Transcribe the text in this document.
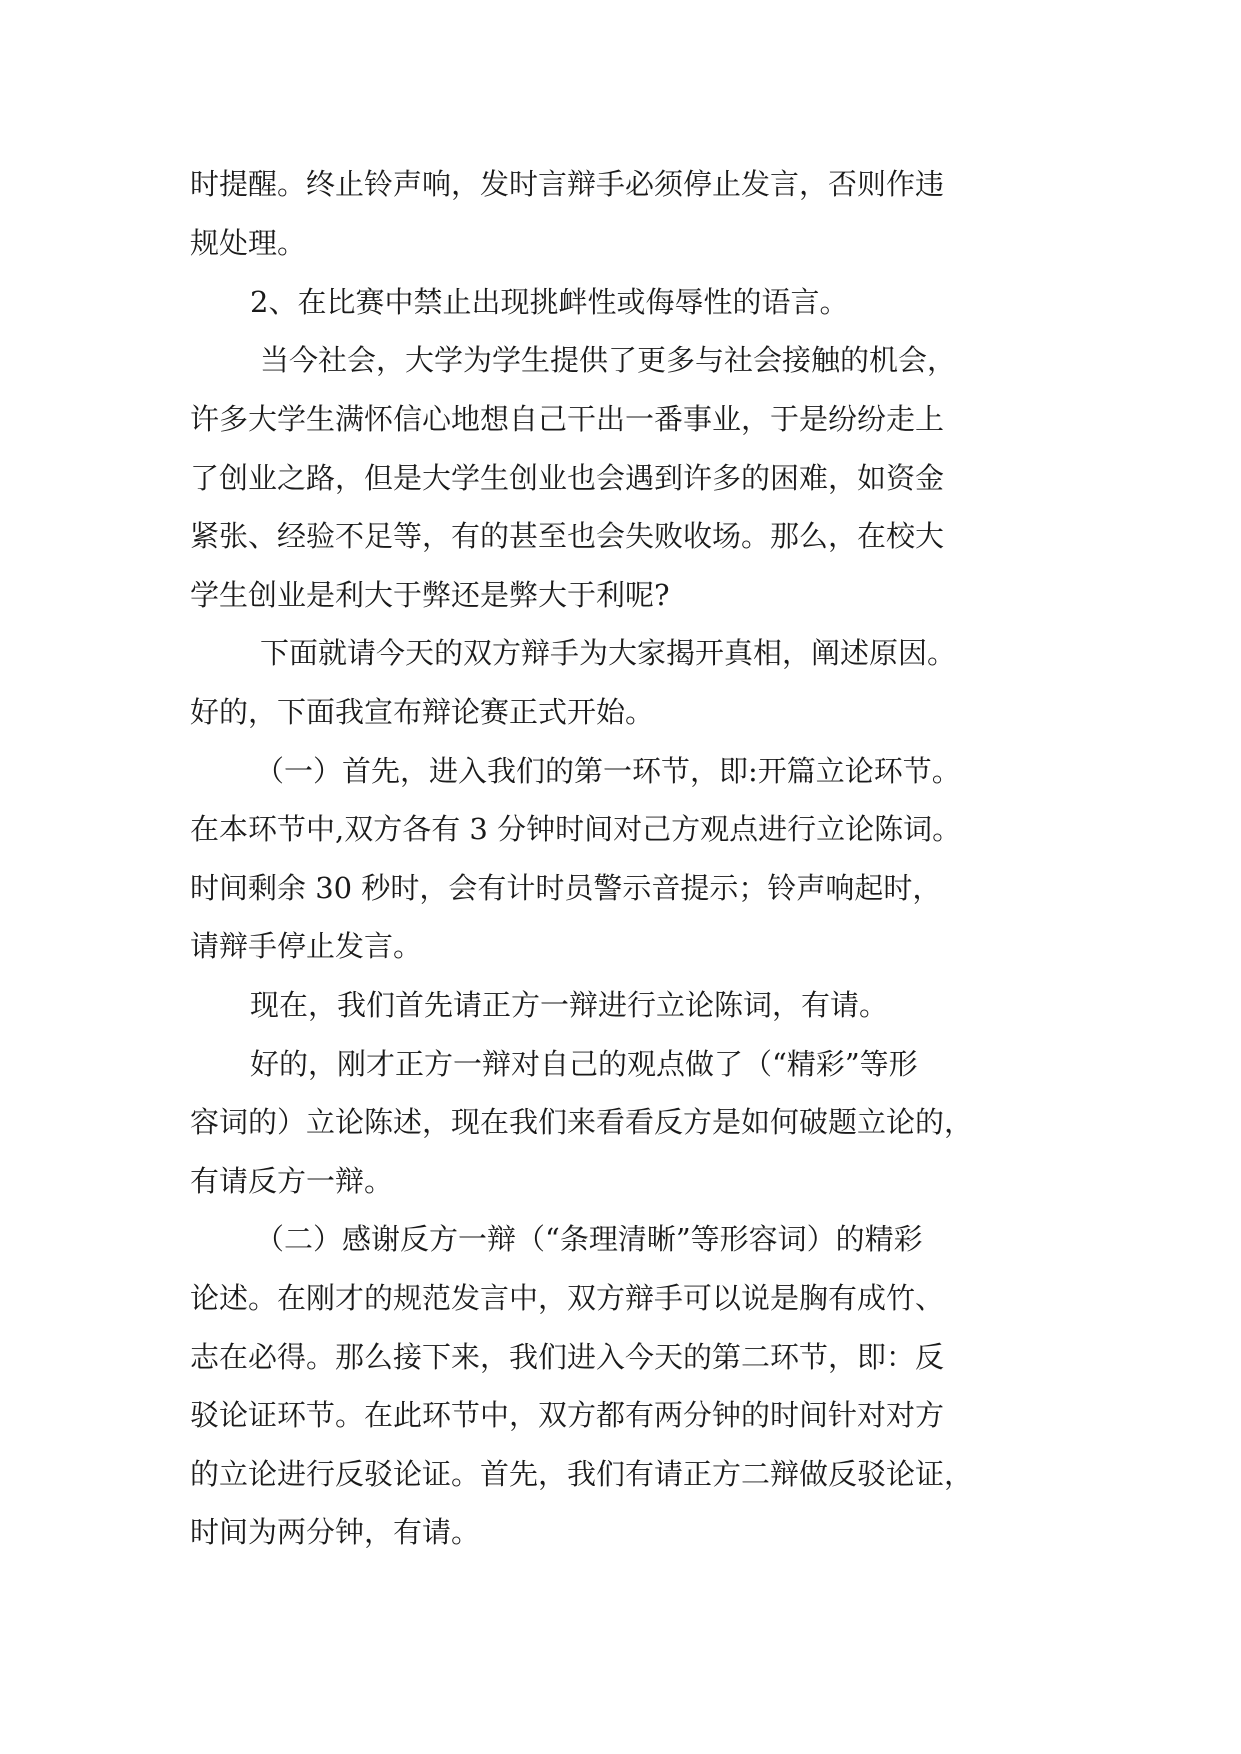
时提醒。终止铃声响，发时言辩手必须停止发言，否则作违
规处理。
2、在比赛中禁止出现挑衅性或侮辱性的语言。
当今社会，大学为学生提供了更多与社会接触的机会，
许多大学生满怀信心地想自己干出一番事业，于是纷纷走上
了创业之路，但是大学生创业也会遇到许多的困难，如资金
紧张、经验不足等，有的甚至也会失败收场。那么，在校大
学生创业是利大于弊还是弊大于利呢?
下面就请今天的双方辩手为大家揭开真相，阐述原因。
好的，下面我宣布辩论赛正式开始。
（一）首先，进入我们的第一环节，即:开篇立论环节。
在本环节中,双方各有 3 分钟时间对己方观点进行立论陈词。
时间剩余 30 秒时，会有计时员警示音提示；铃声响起时，
请辩手停止发言。
现在，我们首先请正方一辩进行立论陈词，有请。
好的，刚才正方一辩对自己的观点做了（“精彩”等形
容词的）立论陈述，现在我们来看看反方是如何破题立论的，
有请反方一辩。
（二）感谢反方一辩（“条理清晰”等形容词）的精彩
论述。在刚才的规范发言中，双方辩手可以说是胸有成竹、
志在必得。那么接下来，我们进入今天的第二环节，即：反
驳论证环节。在此环节中，双方都有两分钟的时间针对对方
的立论进行反驳论证。首先，我们有请正方二辩做反驳论证，
时间为两分钟，有请。
